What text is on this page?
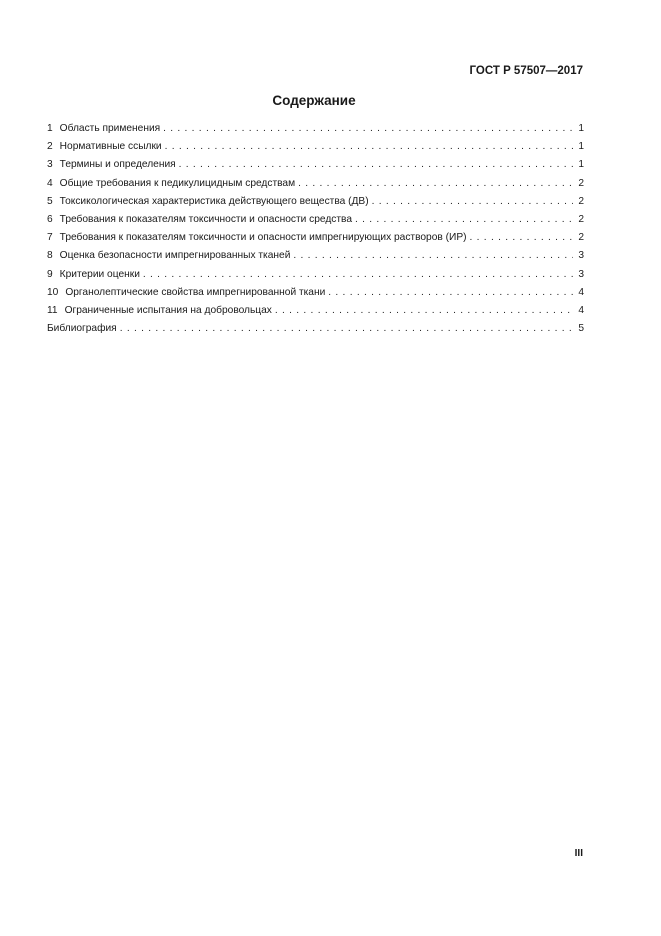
ГОСТ Р 57507—2017
Содержание
1 Область применения .....	1
2 Нормативные ссылки .....	1
3 Термины и определения .....	1
4 Общие требования к педикулицидным средствам .....	2
5 Токсикологическая характеристика действующего вещества (ДВ) .....	2
6 Требования к показателям токсичности и опасности средства .....	2
7 Требования к показателям токсичности и опасности импрегнирующих растворов (ИР) .....	2
8 Оценка безопасности импрегнированных тканей .....	3
9 Критерии оценки .....	3
10 Органолептические свойства импрегнированной ткани .....	4
11 Ограниченные испытания на добровольцах .....	4
Библиография .....	5
III
